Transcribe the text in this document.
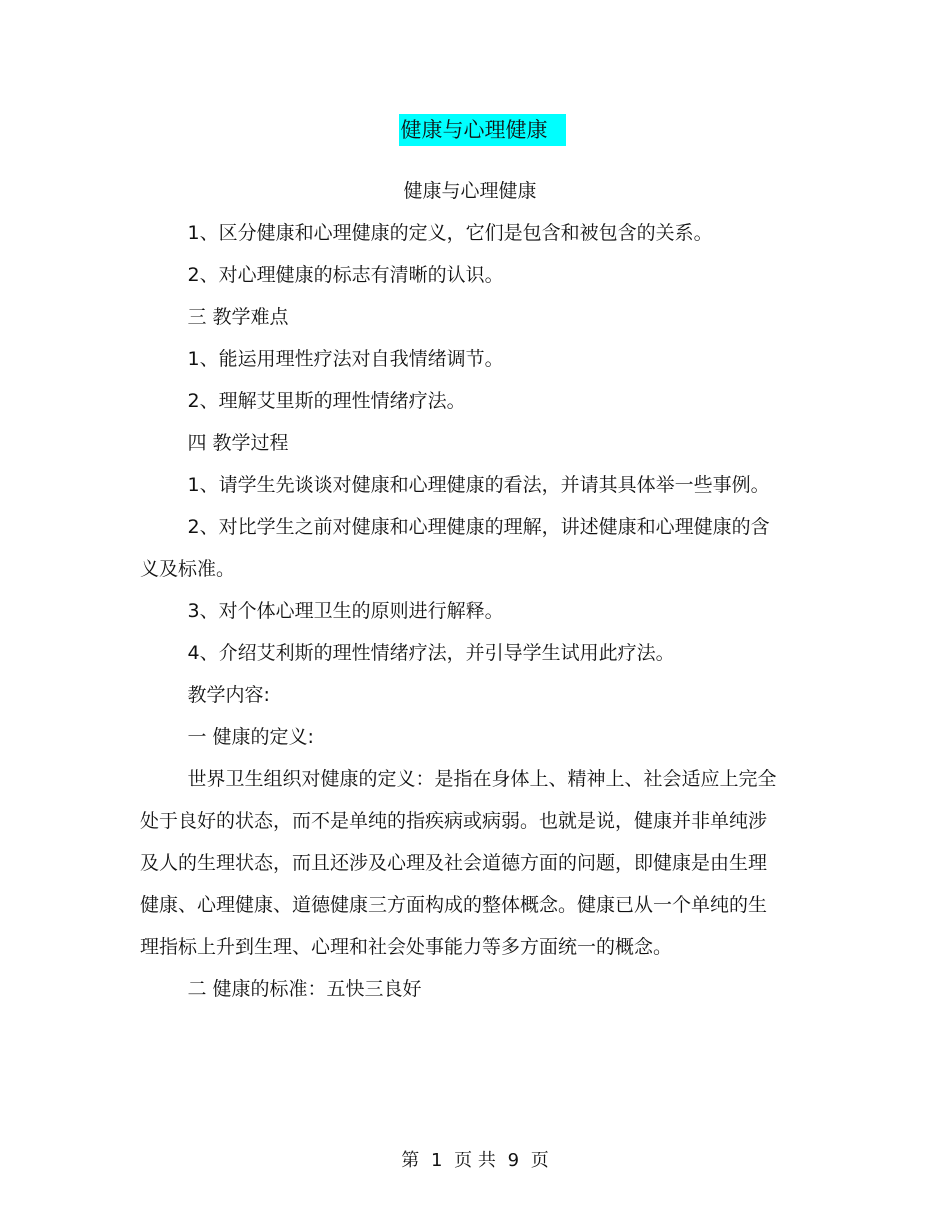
健康与心理健康

健康与心理健康

1、区分健康和心理健康的定义，它们是包含和被包含的关系。

2、对心理健康的标志有清晰的认识。

三 教学难点

1、能运用理性疗法对自我情绪调节。

2、理解艾里斯的理性情绪疗法。

四 教学过程

1、请学生先谈谈对健康和心理健康的看法，并请其具体举一些事例。

2、对比学生之前对健康和心理健康的理解，讲述健康和心理健康的含义及标准。

3、对个体心理卫生的原则进行解释。

4、介绍艾利斯的理性情绪疗法，并引导学生试用此疗法。

教学内容:

一 健康的定义:

世界卫生组织对健康的定义：是指在身体上、精神上、社会适应上完全处于良好的状态，而不是单纯的指疾病或病弱。也就是说，健康并非单纯涉及人的生理状态，而且还涉及心理及社会道德方面的问题，即健康是由生理健康、心理健康、道德健康三方面构成的整体概念。健康已从一个单纯的生理指标上升到生理、心理和社会处事能力等多方面统一的概念。

二 健康的标准：五快三良好

第 1 页 共 9 页
